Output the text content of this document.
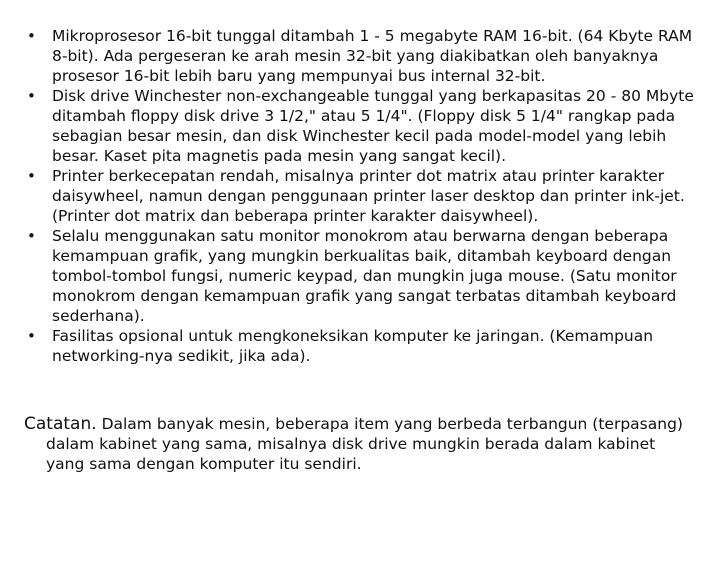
• Mikroprosesor 16-bit tunggal ditambah 1 - 5 megabyte RAM 16-bit. (64 Kbyte RAM 8-bit). Ada pergeseran ke arah mesin 32-bit yang diakibatkan oleh banyaknya prosesor 16-bit lebih baru yang mempunyai bus internal 32-bit.
• Disk drive Winchester non-exchangeable tunggal yang berkapasitas 20 - 80 Mbyte ditambah floppy disk drive 3 1/2," atau 5 1/4". (Floppy disk 5 1/4" rangkap pada sebagian besar mesin, dan disk Winchester kecil pada model-model yang lebih besar. Kaset pita magnetis pada mesin yang sangat kecil).
• Printer berkecepatan rendah, misalnya printer dot matrix atau printer karakter daisywheel, namun dengan penggunaan printer laser desktop dan printer ink-jet. (Printer dot matrix dan beberapa printer karakter daisywheel).
• Selalu menggunakan satu monitor monokrom atau berwarna dengan beberapa kemampuan grafik, yang mungkin berkualitas baik, ditambah keyboard dengan tombol-tombol fungsi, numeric keypad, dan mungkin juga mouse. (Satu monitor monokrom dengan kemampuan grafik yang sangat terbatas ditambah keyboard sederhana).
• Fasilitas opsional untuk mengkoneksikan komputer ke jaringan. (Kemampuan networking-nya sedikit, jika ada).

Catatan. Dalam banyak mesin, beberapa item yang berbeda terbangun (terpasang) dalam kabinet yang sama, misalnya disk drive mungkin berada dalam kabinet yang sama dengan komputer itu sendiri.
